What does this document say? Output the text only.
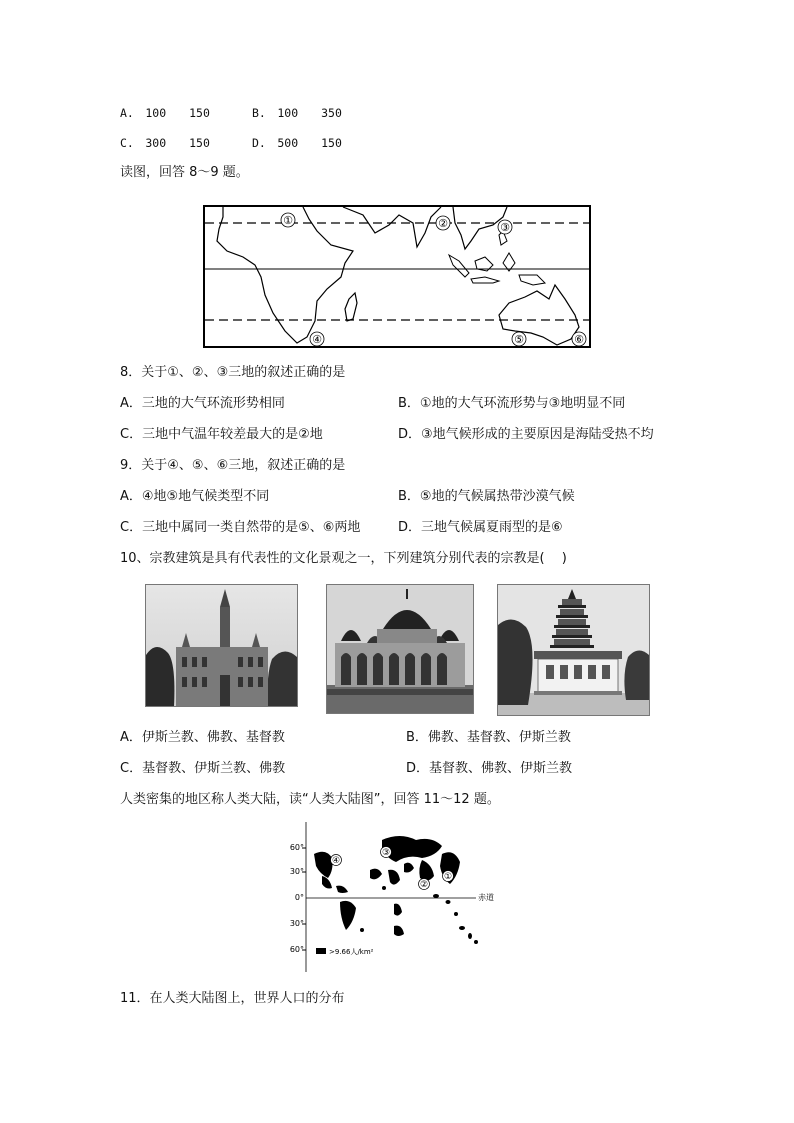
A.　100　　150	B.　100　　350
C.　300　　150	D.　500　　150
读图，回答 8～9 题。
①	②	③
④	⑤	⑥
8．关于①、②、③三地的叙述正确的是
A．三地的大气环流形势相同	B．①地的大气环流形势与③地明显不同
C．三地中气温年较差最大的是②地	D．③地气候形成的主要原因是海陆受热不均
9．关于④、⑤、⑥三地，叙述正确的是
A．④地⑤地气候类型不同	B．⑤地的气候属热带沙漠气候
C．三地中属同一类自然带的是⑤、⑥两地	D．三地气候属夏雨型的是⑥
10、宗教建筑是具有代表性的文化景观之一，下列建筑分别代表的宗教是(　 )
A．伊斯兰教、佛教、基督教	B．佛教、基督教、伊斯兰教
C．基督教、伊斯兰教、佛教	D．基督教、佛教、伊斯兰教
人类密集的地区称人类大陆，读“人类大陆图”，回答 11～12 题。
60°
30°
0°
30°
60°
赤道
④
③
②
①
>9.66人/km²
11．在人类大陆图上，世界人口的分布
